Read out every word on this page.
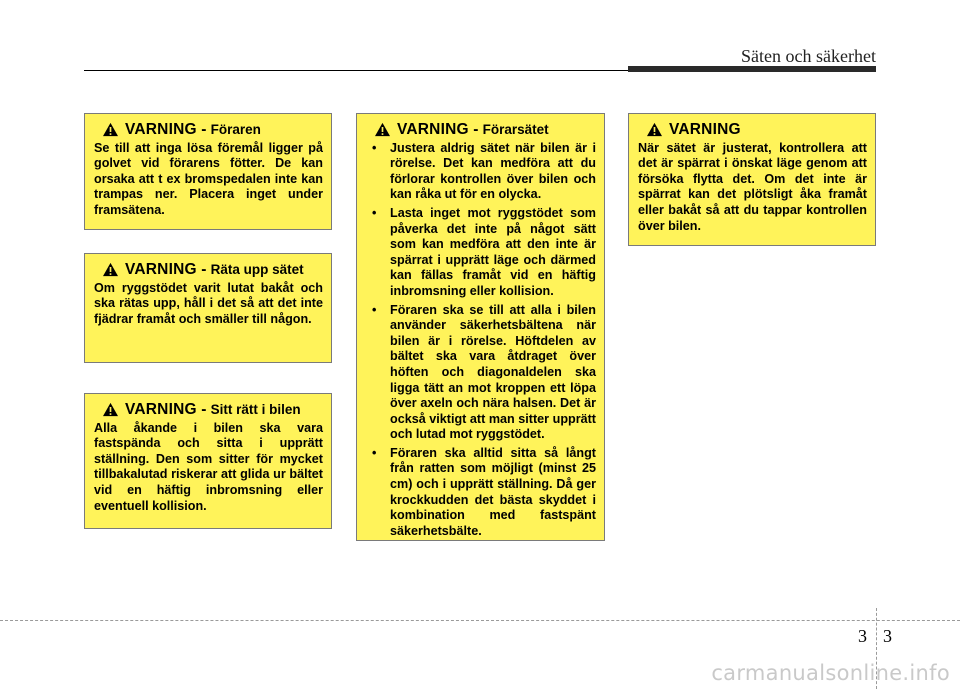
Säten och säkerhet
VARNING - Föraren
Se till att inga lösa föremål ligger på golvet vid förarens fötter. De kan orsaka att t ex bromspedalen inte kan trampas ner. Placera inget under framsätena.
VARNING - Räta upp sätet
Om ryggstödet varit lutat bakåt och ska rätas upp, håll i det så att det inte fjädrar framåt och smäller till någon.
VARNING - Sitt rätt i bilen
Alla åkande i bilen ska vara fastspända och sitta i upprätt ställning. Den som sitter för mycket tillbakalutad riskerar att glida ur bältet vid en häftig inbromsning eller eventuell kollision.
VARNING - Förarsätet
• Justera aldrig sätet när bilen är i rörelse. Det kan medföra att du förlorar kontrollen över bilen och kan råka ut för en olycka.
• Lasta inget mot ryggstödet som påverka det inte på något sätt som kan medföra att den inte är spärrat i upprätt läge och därmed kan fällas framåt vid en häftig inbromsning eller kollision.
• Föraren ska se till att alla i bilen använder säkerhetsbältena när bilen är i rörelse. Höftdelen av bältet ska vara åtdraget över höften och diagonaldelen ska ligga tätt an mot kroppen ett löpa över axeln och nära halsen. Det är också viktigt att man sitter upprätt och lutad mot ryggstödet.
• Föraren ska alltid sitta så långt från ratten som möjligt (minst 25 cm) och i upprätt ställning. Då ger krockkudden det bästa skyddet i kombination med fastspänt säkerhetsbälte.
VARNING
När sätet är justerat, kontrollera att det är spärrat i önskat läge genom att försöka flytta det. Om det inte är spärrat kan det plötsligt åka framåt eller bakåt så att du tappar kontrollen över bilen.
3 3
carmanualsonline.info
